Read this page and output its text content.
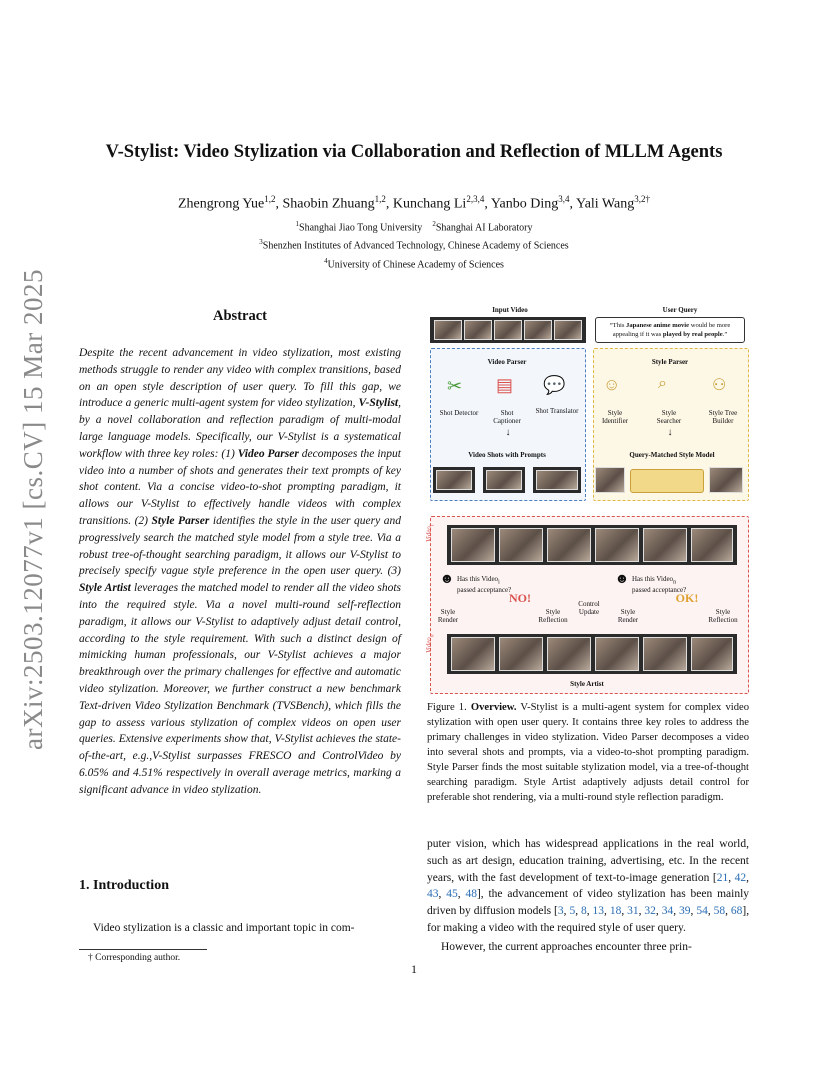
V-Stylist: Video Stylization via Collaboration and Reflection of MLLM Agents
Zhengrong Yue$^{1,2}$, Shaobin Zhuang$^{1,2}$, Kunchang Li$^{2,3,4}$, Yanbo Ding$^{3,4}$, Yali Wang$^{3,2\dagger}$
$^1$Shanghai Jiao Tong University $^2$Shanghai AI Laboratory
$^3$Shenzhen Institutes of Advanced Technology, Chinese Academy of Sciences
$^4$University of Chinese Academy of Sciences
arXiv:2503.12077v1 [cs.CV] 15 Mar 2025	Abstract
Despite the recent advancement in video stylization, most existing methods struggle to render any video with complex transitions, based on an open style description of user query. To fill this gap, we introduce a generic multi-agent system for video stylization, V-Stylist, by a novel collaboration and reflection paradigm of multi-modal large language models. Specifically, our V-Stylist is a systematical workflow with three key roles: (1) Video Parser decomposes the input video into a number of shots and generates their text prompts of key shot content. Via a concise video-to-shot prompting paradigm, it allows our V-Stylist to effectively handle videos with complex transitions. (2) Style Parser identifies the style in the user query and progressively search the matched style model from a style tree. Via a robust tree-of-thought searching paradigm, it allows our V-Stylist to precisely specify vague style preference in the open user query. (3) Style Artist leverages the matched model to render all the video shots into the required style. Via a novel multi-round self-reflection paradigm, it allows our V-Stylist to adaptively adjust detail control, according to the style requirement. With such a distinct design of mimicking human professionals, our V-Stylist achieves a major breakthrough over the primary challenges for effective and automatic video stylization. Moreover, we further construct a new benchmark Text-driven Video Stylization Benchmark (TVSBench), which fills the gap to assess various stylization of complex videos on open user queries. Extensive experiments show that, V-Stylist achieves the state-of-the-art, e.g.,V-Stylist surpasses FRESCO and ControlVideo by 6.05% and 4.51% respectively in overall average metrics, marking a significant advance in video stylization.
1. Introduction
Video stylization is a classic and important topic in com-
† Corresponding author.
1
Input Video	User Query
“This Japanese anime movie would be more appealing if it was played by real people.”
Video Parser
✂ ▤ 💬
Shot Detector	Shot Captioner
Shot Translator
↓
Video Shots with Prompts
Style Parser
☺ ⌕	⚇
Style Identifier
Style Searcher
Style Tree Builder
↓
Query-Matched Style Model
Video$_i$
☻ Has this Video$_i$ passed acceptance?
NO!
Style Render
Style Reflection
Control Update
☻ Has this Video$_n$ passed acceptance?
OK!
Style Render
Style Reflection
Video$_n$
Style Artist
Figure 1. Overview. V-Stylist is a multi-agent system for complex video stylization with open user query. It contains three key roles to address the primary challenges in video stylization. Video Parser decomposes a video into several shots and prompts, via a video-to-shot prompting paradigm. Style Parser finds the most suitable stylization model, via a tree-of-thought searching paradigm. Style Artist adaptively adjusts detail control for preferable shot rendering, via a multi-round style reflection paradigm.
puter vision, which has widespread applications in the real world, such as art design, education training, advertising, etc. In the recent years, with the fast development of text-to-image generation [21, 42, 43, 45, 48], the advancement of video stylization has been mainly driven by diffusion models [3, 5, 8, 13, 18, 31, 32, 34, 39, 54, 58, 68], for making a video with the required style of user query.
However, the current approaches encounter three prin-
